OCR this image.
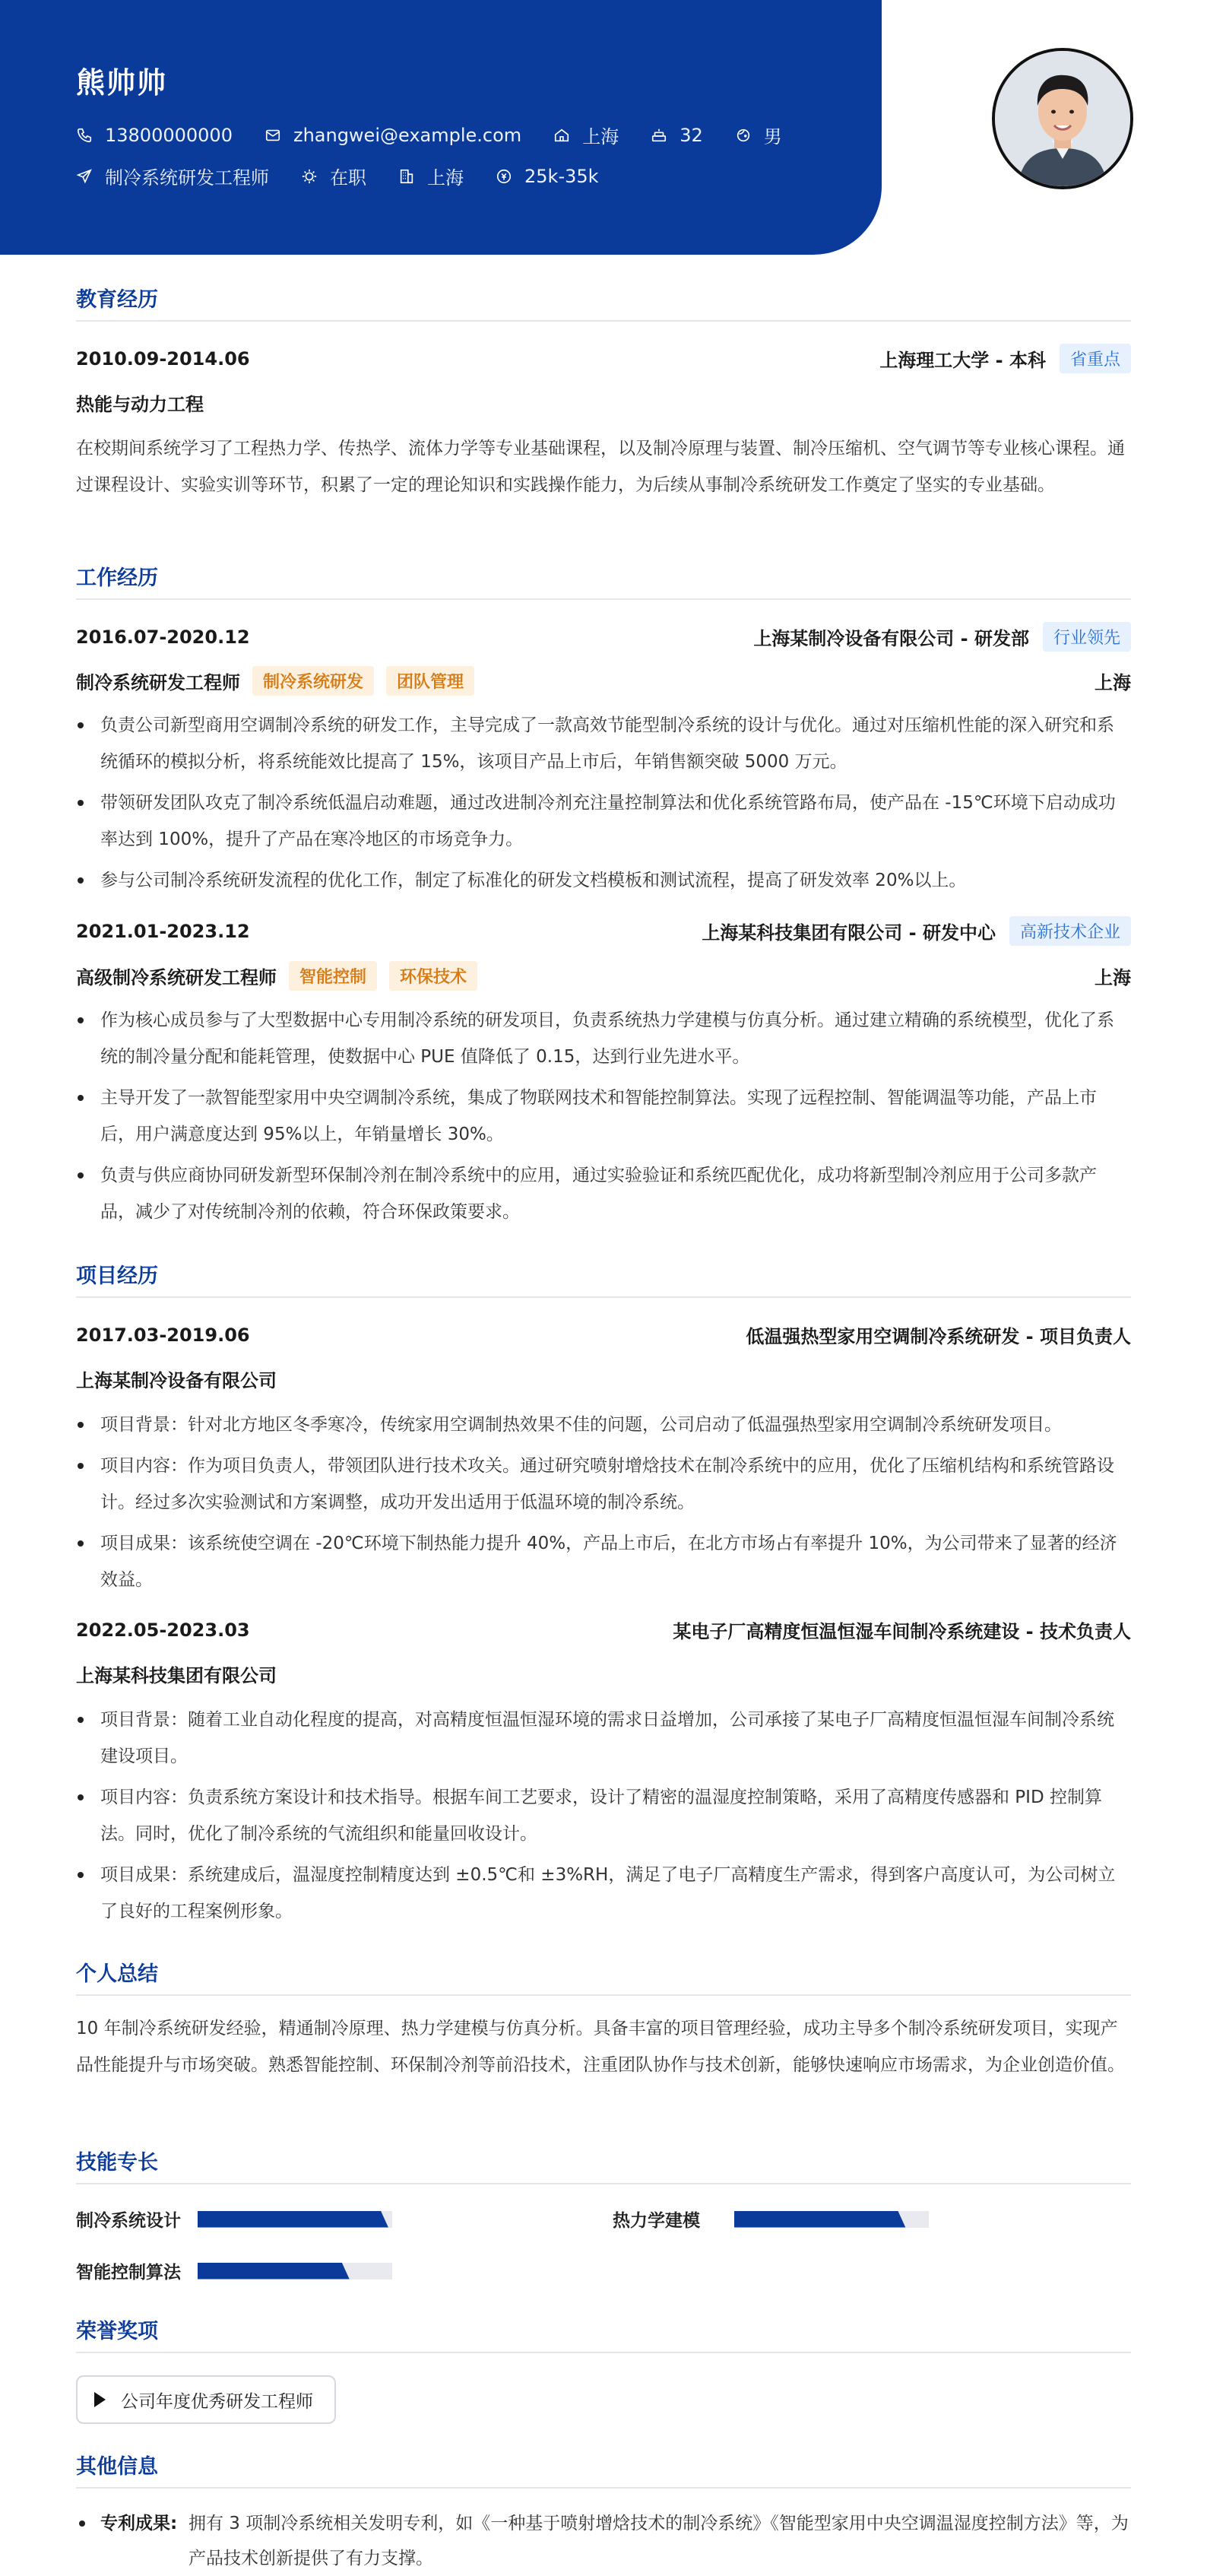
熊帅帅
13800000000	zhangwei@example.com	上海	32	男
制冷系统研发工程师	在职	上海	25k-35k
教育经历
2010.09-2014.06	上海理工大学 - 本科	省重点
热能与动力工程

在校期间系统学习了工程热力学、传热学、流体力学等专业基础课程，以及制冷原理与装置、制冷压缩机、空气调节等专业核心课程。通过课程设计、实验实训等环节，积累了一定的理论知识和实践操作能力，为后续从事制冷系统研发工作奠定了坚实的专业基础。

工作经历
2016.07-2020.12	上海某制冷设备有限公司 - 研发部	行业领先
制冷系统研发工程师	制冷系统研发	团队管理	上海
负责公司新型商用空调制冷系统的研发工作，主导完成了一款高效节能型制冷系统的设计与优化。通过对压缩机性能的深入研究和系统循环的模拟分析，将系统能效比提高了 15%，该项目产品上市后，年销售额突破 5000 万元。
带领研发团队攻克了制冷系统低温启动难题，通过改进制冷剂充注量控制算法和优化系统管路布局，使产品在 -15℃环境下启动成功率达到 100%，提升了产品在寒冷地区的市场竞争力。
参与公司制冷系统研发流程的优化工作，制定了标准化的研发文档模板和测试流程，提高了研发效率 20%以上。
2021.01-2023.12	上海某科技集团有限公司 - 研发中心	高新技术企业
高级制冷系统研发工程师	智能控制	环保技术	上海
作为核心成员参与了大型数据中心专用制冷系统的研发项目，负责系统热力学建模与仿真分析。通过建立精确的系统模型，优化了系统的制冷量分配和能耗管理，使数据中心 PUE 值降低了 0.15，达到行业先进水平。
主导开发了一款智能型家用中央空调制冷系统，集成了物联网技术和智能控制算法。实现了远程控制、智能调温等功能，产品上市后，用户满意度达到 95%以上，年销量增长 30%。
负责与供应商协同研发新型环保制冷剂在制冷系统中的应用，通过实验验证和系统匹配优化，成功将新型制冷剂应用于公司多款产品，减少了对传统制冷剂的依赖，符合环保政策要求。
项目经历
2017.03-2019.06	低温强热型家用空调制冷系统研发 - 项目负责人
上海某制冷设备有限公司
项目背景：针对北方地区冬季寒冷，传统家用空调制热效果不佳的问题，公司启动了低温强热型家用空调制冷系统研发项目。
项目内容：作为项目负责人，带领团队进行技术攻关。通过研究喷射增焓技术在制冷系统中的应用，优化了压缩机结构和系统管路设计。经过多次实验测试和方案调整，成功开发出适用于低温环境的制冷系统。
项目成果：该系统使空调在 -20℃环境下制热能力提升 40%，产品上市后，在北方市场占有率提升 10%，为公司带来了显著的经济效益。
2022.05-2023.03	某电子厂高精度恒温恒湿车间制冷系统建设 - 技术负责人
上海某科技集团有限公司
项目背景：随着工业自动化程度的提高，对高精度恒温恒湿环境的需求日益增加，公司承接了某电子厂高精度恒温恒湿车间制冷系统建设项目。
项目内容：负责系统方案设计和技术指导。根据车间工艺要求，设计了精密的温湿度控制策略，采用了高精度传感器和 PID 控制算法。同时，优化了制冷系统的气流组织和能量回收设计。
项目成果：系统建成后，温湿度控制精度达到 ±0.5℃和 ±3%RH，满足了电子厂高精度生产需求，得到客户高度认可，为公司树立了良好的工程案例形象。
个人总结

10 年制冷系统研发经验，精通制冷原理、热力学建模与仿真分析。具备丰富的项目管理经验，成功主导多个制冷系统研发项目，实现产品性能提升与市场突破。熟悉智能控制、环保制冷剂等前沿技术，注重团队协作与技术创新，能够快速响应市场需求，为企业创造价值。

技能专长
制冷系统设计	热力学建模
智能控制算法
荣誉奖项
公司年度优秀研发工程师
其他信息
专利成果: 拥有 3 项制冷系统相关发明专利，如《一种基于喷射增焓技术的制冷系统》《智能型家用中央空调温湿度控制方法》等，为产品技术创新提供了有力支撑。
